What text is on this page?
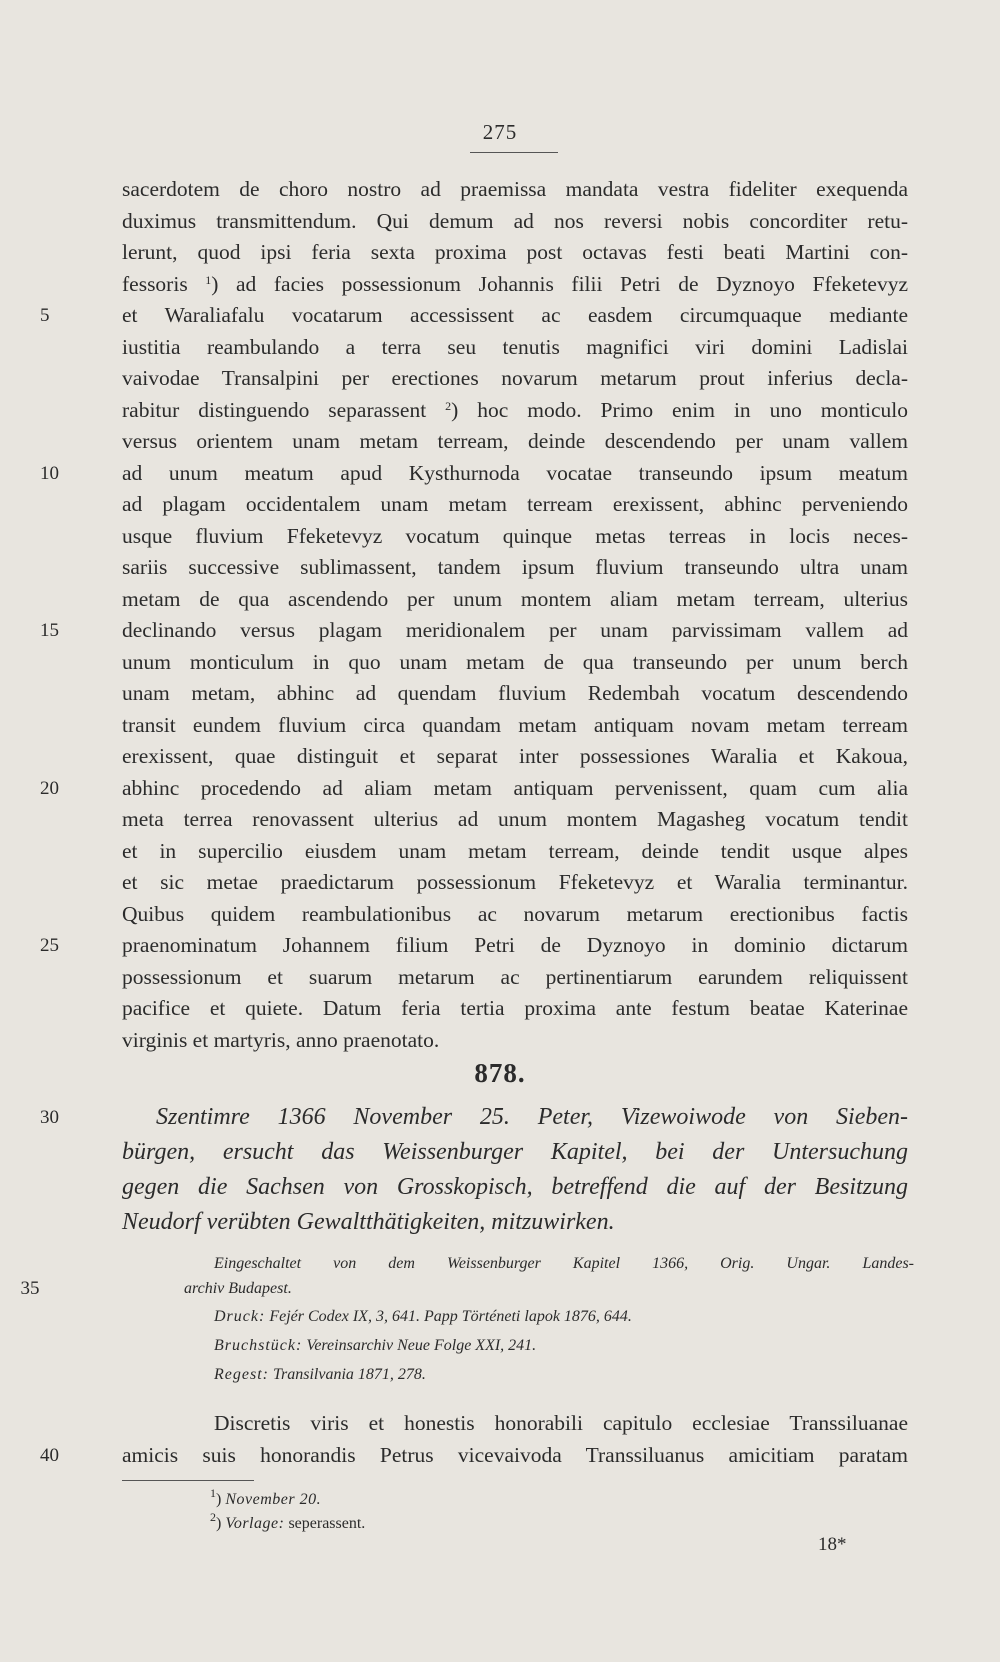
275
sacerdotem de choro nostro ad praemissa mandata vestra fideliter exequenda
duximus transmittendum. Qui demum ad nos reversi nobis concorditer retu-
lerunt, quod ipsi feria sexta proxima post octavas festi beati Martini con-
fessoris $^1$) ad facies possessionum Johannis filii Petri de Dyznoyo Ffeketevyz
5	et Waraliafalu vocatarum accessissent ac easdem circumquaque mediante
iustitia reambulando a terra seu tenutis magnifici viri domini Ladislai
vaivodae Transalpini per erectiones novarum metarum prout inferius decla-
rabitur distinguendo separassent $^2$) hoc modo. Primo enim in uno monticulo
versus orientem unam metam terream, deinde descendendo per unam vallem
10	ad unum meatum apud Kysthurnoda vocatae transeundo ipsum meatum
ad plagam occidentalem unam metam terream erexissent, abhinc perveniendo
usque fluvium Ffeketevyz vocatum quinque metas terreas in locis neces-
sariis successive sublimassent, tandem ipsum fluvium transeundo ultra unam
metam de qua ascendendo per unum montem aliam metam terream, ulterius
15	declinando versus plagam meridionalem per unam parvissimam vallem ad
unum monticulum in quo unam metam de qua transeundo per unum berch
unam metam, abhinc ad quendam fluvium Redembah vocatum descendendo
transit eundem fluvium circa quandam metam antiquam novam metam terream
erexissent, quae distinguit et separat inter possessiones Waralia et Kakoua,
20	abhinc procedendo ad aliam metam antiquam pervenissent, quam cum alia
meta terrea renovassent ulterius ad unum montem Magasheg vocatum tendit
et in supercilio eiusdem unam metam terream, deinde tendit usque alpes
et sic metae praedictarum possessionum Ffeketevyz et Waralia terminantur.
Quibus quidem reambulationibus ac novarum metarum erectionibus factis
25	praenominatum Johannem filium Petri de Dyznoyo in dominio dictarum
possessionum et suarum metarum ac pertinentiarum earundem reliquissent
pacifice et quiete. Datum feria tertia proxima ante festum beatae Katerinae
virginis et martyris, anno praenotato.
878.
30	Szentimre 1366 November 25. Peter, Vizewoiwode von Sieben-
bürgen, ersucht das Weissenburger Kapitel, bei der Untersuchung
gegen die Sachsen von Grosskopisch, betreffend die auf der Besitzung
Neudorf verübten Gewaltthätigkeiten, mitzuwirken.
Eingeschaltet von dem Weissenburger Kapitel 1366, Orig. Ungar. Landes-
35	archiv Budapest.
Druck: Fejér Codex IX, 3, 641. Papp Történeti lapok 1876, 644.
Bruchstück: Vereinsarchiv Neue Folge XXI, 241.
Regest: Transilvania 1871, 278.
Discretis viris et honestis honorabili capitulo ecclesiae Transsiluanae
40	amicis suis honorandis Petrus vicevaivoda Transsiluanus amicitiam paratam
$^1$) November 20.
$^2$) Vorlage: seperassent.
18*
